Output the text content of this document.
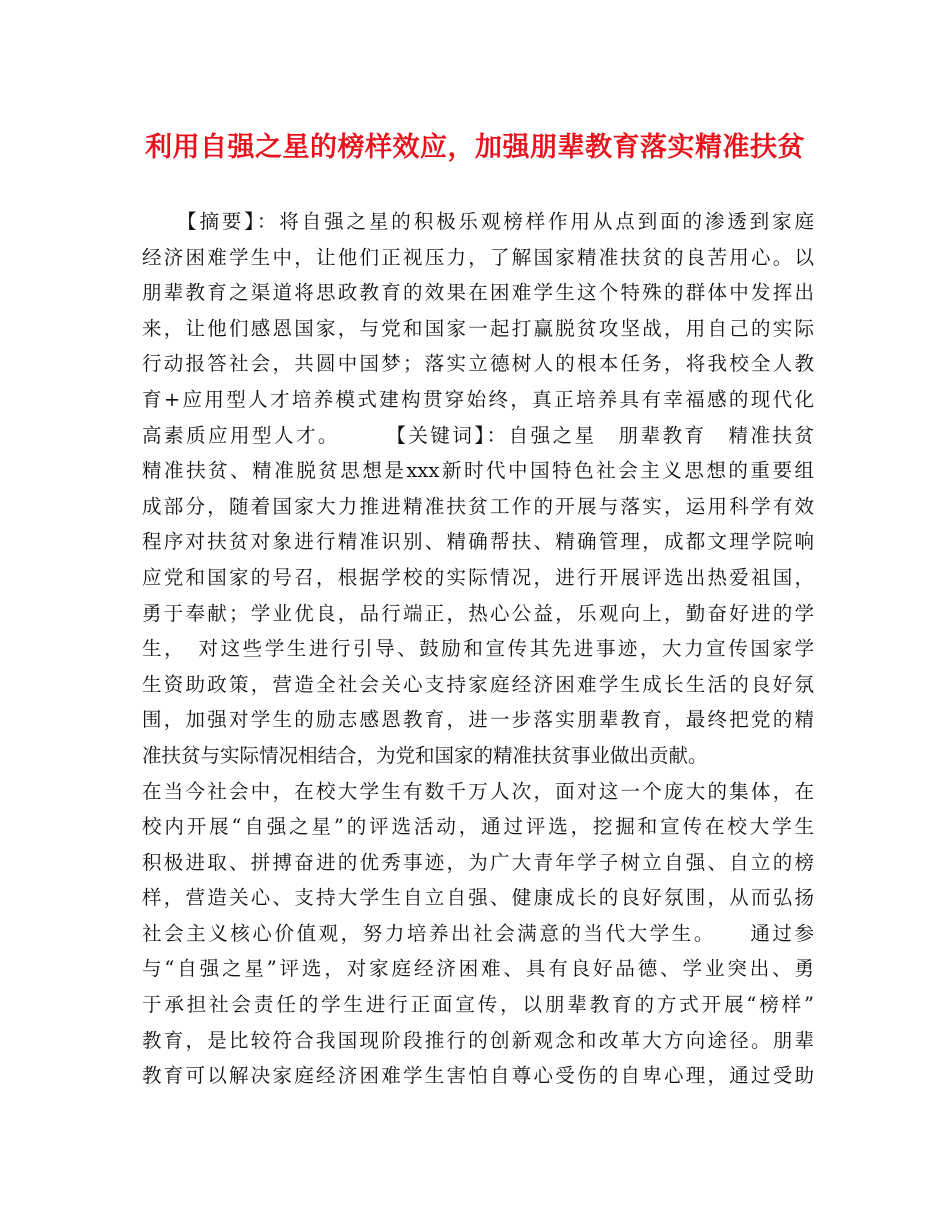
利用自强之星的榜样效应，加强朋辈教育落实精准扶贫
　　【摘要】：将自强之星的积极乐观榜样作用从点到面的渗透到家庭
经济困难学生中，让他们正视压力，了解国家精准扶贫的良苦用心。以
朋辈教育之渠道将思政教育的效果在困难学生这个特殊的群体中发挥出
来，让他们感恩国家，与党和国家一起打赢脱贫攻坚战，用自己的实际
行动报答社会，共圆中国梦；落实立德树人的根本任务，将我校全人教
育+应用型人才培养模式建构贯穿始终，真正培养具有幸福感的现代化
高素质应用型人才。　　　【关键词】：自强之星　朋辈教育　精准扶贫
精准扶贫、精准脱贫思想是xxx新时代中国特色社会主义思想的重要组
成部分，随着国家大力推进精准扶贫工作的开展与落实，运用科学有效
程序对扶贫对象进行精准识别、精确帮扶、精确管理，成都文理学院响
应党和国家的号召，根据学校的实际情况，进行开展评选出热爱祖国，
勇于奉献；学业优良，品行端正，热心公益，乐观向上，勤奋好进的学
生，　对这些学生进行引导、鼓励和宣传其先进事迹，大力宣传国家学
生资助政策，营造全社会关心支持家庭经济困难学生成长生活的良好氛
围，加强对学生的励志感恩教育，进一步落实朋辈教育，最终把党的精
准扶贫与实际情况相结合，为党和国家的精准扶贫事业做出贡献。
在当今社会中，在校大学生有数千万人次，面对这一个庞大的集体，在
校内开展“自强之星”的评选活动，通过评选，挖掘和宣传在校大学生
积极进取、拼搏奋进的优秀事迹，为广大青年学子树立自强、自立的榜
样，营造关心、支持大学生自立自强、健康成长的良好氛围，从而弘扬
社会主义核心价值观，努力培养出社会满意的当代大学生。　　通过参
与“自强之星”评选，对家庭经济困难、具有良好品德、学业突出、勇
于承担社会责任的学生进行正面宣传，以朋辈教育的方式开展“榜样”
教育，是比较符合我国现阶段推行的创新观念和改革大方向途径。朋辈
教育可以解决家庭经济困难学生害怕自尊心受伤的自卑心理，通过受助
